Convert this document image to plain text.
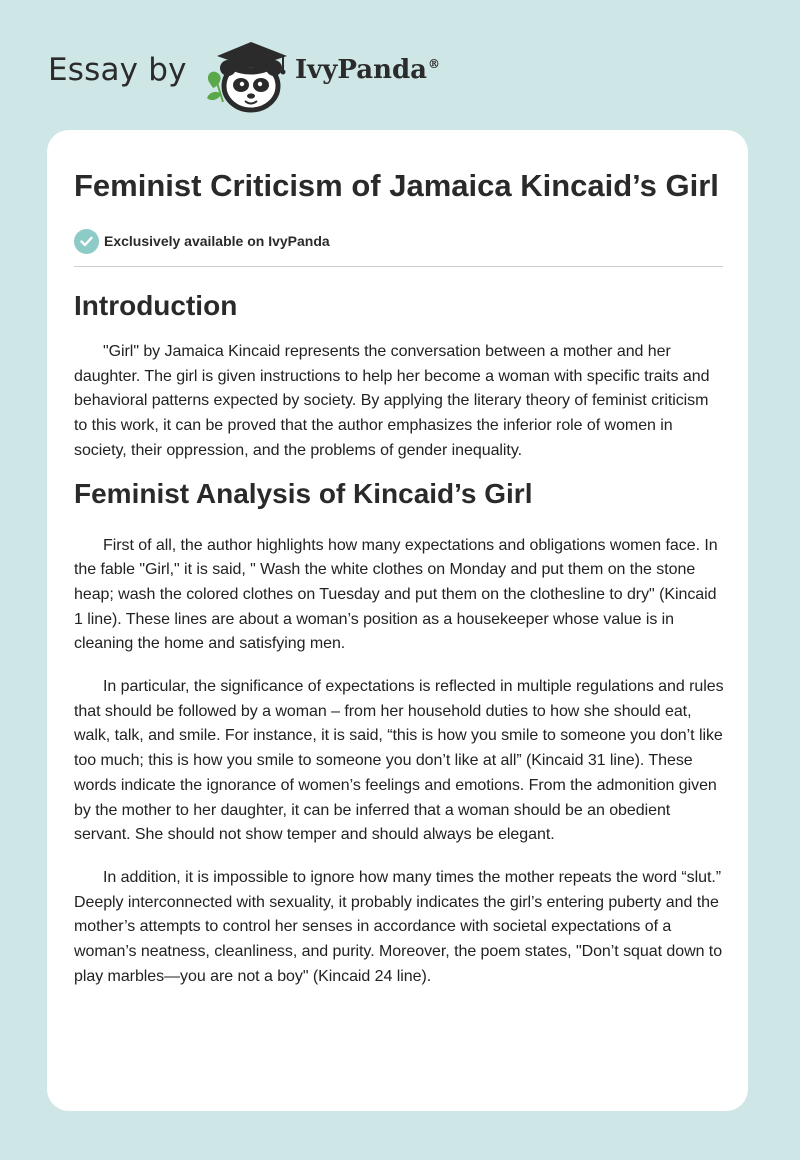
Essay by	IvyPanda®
Feminist Criticism of Jamaica Kincaid’s Girl
Exclusively available on IvyPanda
Introduction

"Girl" by Jamaica Kincaid represents the conversation between a mother and her daughter. The girl is given instructions to help her become a woman with specific traits and behavioral patterns expected by society. By applying the literary theory of feminist criticism to this work, it can be proved that the author emphasizes the inferior role of women in society, their oppression, and the problems of gender inequality.

Feminist Analysis of Kincaid’s Girl

First of all, the author highlights how many expectations and obligations women face. In the fable "Girl," it is said, " Wash the white clothes on Monday and put them on the stone heap; wash the colored clothes on Tuesday and put them on the clothesline to dry" (Kincaid 1 line). These lines are about a woman’s position as a housekeeper whose value is in cleaning the home and satisfying men.

In particular, the significance of expectations is reflected in multiple regulations and rules that should be followed by a woman – from her household duties to how she should eat, walk, talk, and smile. For instance, it is said, “this is how you smile to someone you don’t like too much; this is how you smile to someone you don’t like at all” (Kincaid 31 line). These words indicate the ignorance of women’s feelings and emotions. From the admonition given by the mother to her daughter, it can be inferred that a woman should be an obedient servant. She should not show temper and should always be elegant.

In addition, it is impossible to ignore how many times the mother repeats the word “slut.” Deeply interconnected with sexuality, it probably indicates the girl’s entering puberty and the mother’s attempts to control her senses in accordance with societal expectations of a woman’s neatness, cleanliness, and purity. Moreover, the poem states, "Don’t squat down to play marbles—you are not a boy" (Kincaid 24 line).
